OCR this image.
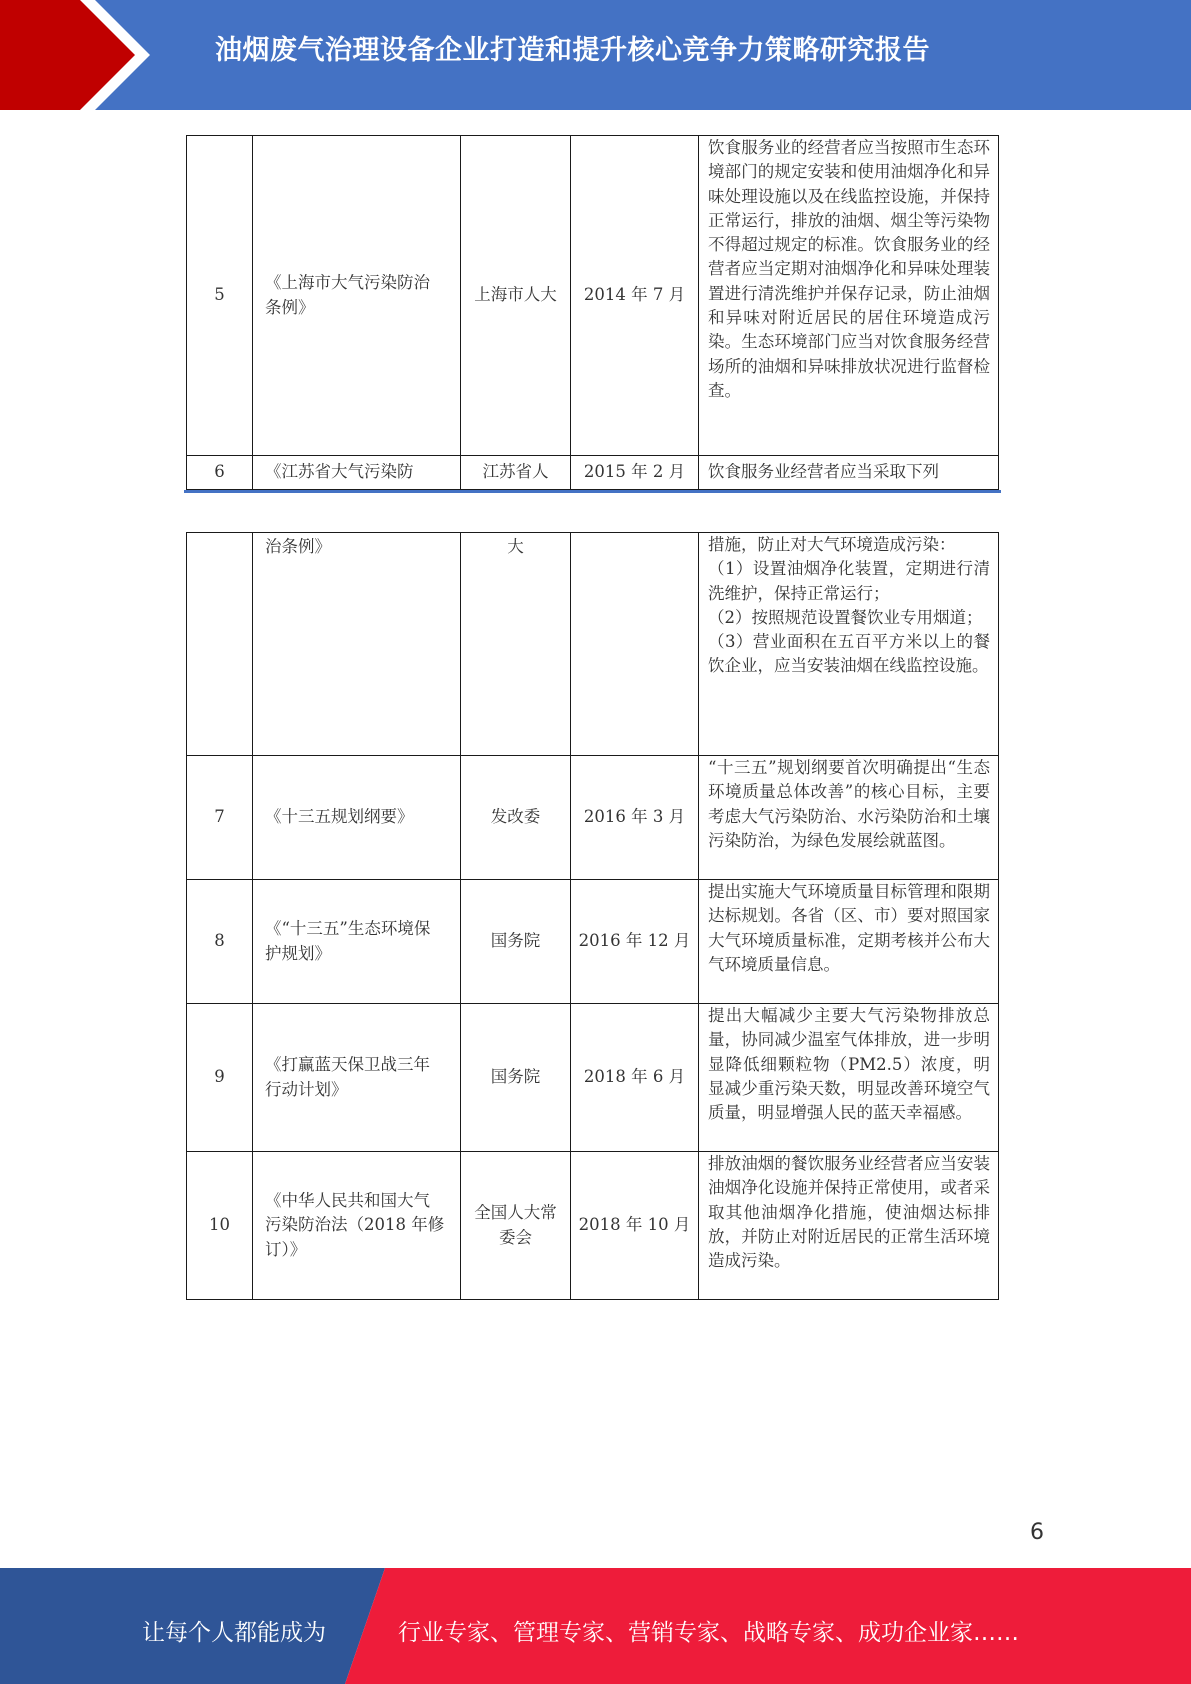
油烟废气治理设备企业打造和提升核心竞争力策略研究报告
5	《上海市大气污染防治条例》	上海市人大	2014 年 7 月	饮食服务业的经营者应当按照市生态环境部门的规定安装和使用油烟净化和异味处理设施以及在线监控设施，并保持正常运行，排放的油烟、烟尘等污染物不得超过规定的标准。饮食服务业的经营者应当定期对油烟净化和异味处理装置进行清洗维护并保存记录，防止油烟和异味对附近居民的居住环境造成污染。生态环境部门应当对饮食服务经营场所的油烟和异味排放状况进行监督检查。
6	《江苏省大气污染防	江苏省人	2015 年 2 月	饮食服务业经营者应当采取下列
	治条例》	大		措施，防止对大气环境造成污染：
（1）设置油烟净化装置，定期进行清洗维护，保持正常运行；
（2）按照规范设置餐饮业专用烟道；
（3）营业面积在五百平方米以上的餐饮企业，应当安装油烟在线监控设施。
7	《十三五规划纲要》	发改委	2016 年 3 月	“十三五”规划纲要首次明确提出“生态环境质量总体改善”的核心目标，主要考虑大气污染防治、水污染防治和土壤污染防治，为绿色发展绘就蓝图。
8	《“十三五”生态环境保护规划》	国务院	2016 年 12 月	提出实施大气环境质量目标管理和限期达标规划。各省（区、市）要对照国家大气环境质量标准，定期考核并公布大气环境质量信息。
9	《打赢蓝天保卫战三年行动计划》	国务院	2018 年 6 月	提出大幅减少主要大气污染物排放总量，协同减少温室气体排放，进一步明显降低细颗粒物（PM2.5）浓度，明显减少重污染天数，明显改善环境空气质量，明显增强人民的蓝天幸福感。
10	《中华人民共和国大气污染防治法（2018 年修订）》	全国人大常委会	2018 年 10 月	排放油烟的餐饮服务业经营者应当安装油烟净化设施并保持正常使用，或者采取其他油烟净化措施，使油烟达标排放，并防止对附近居民的正常生活环境造成污染。
6
让每个人都能成为	行业专家、管理专家、营销专家、战略专家、成功企业家……
